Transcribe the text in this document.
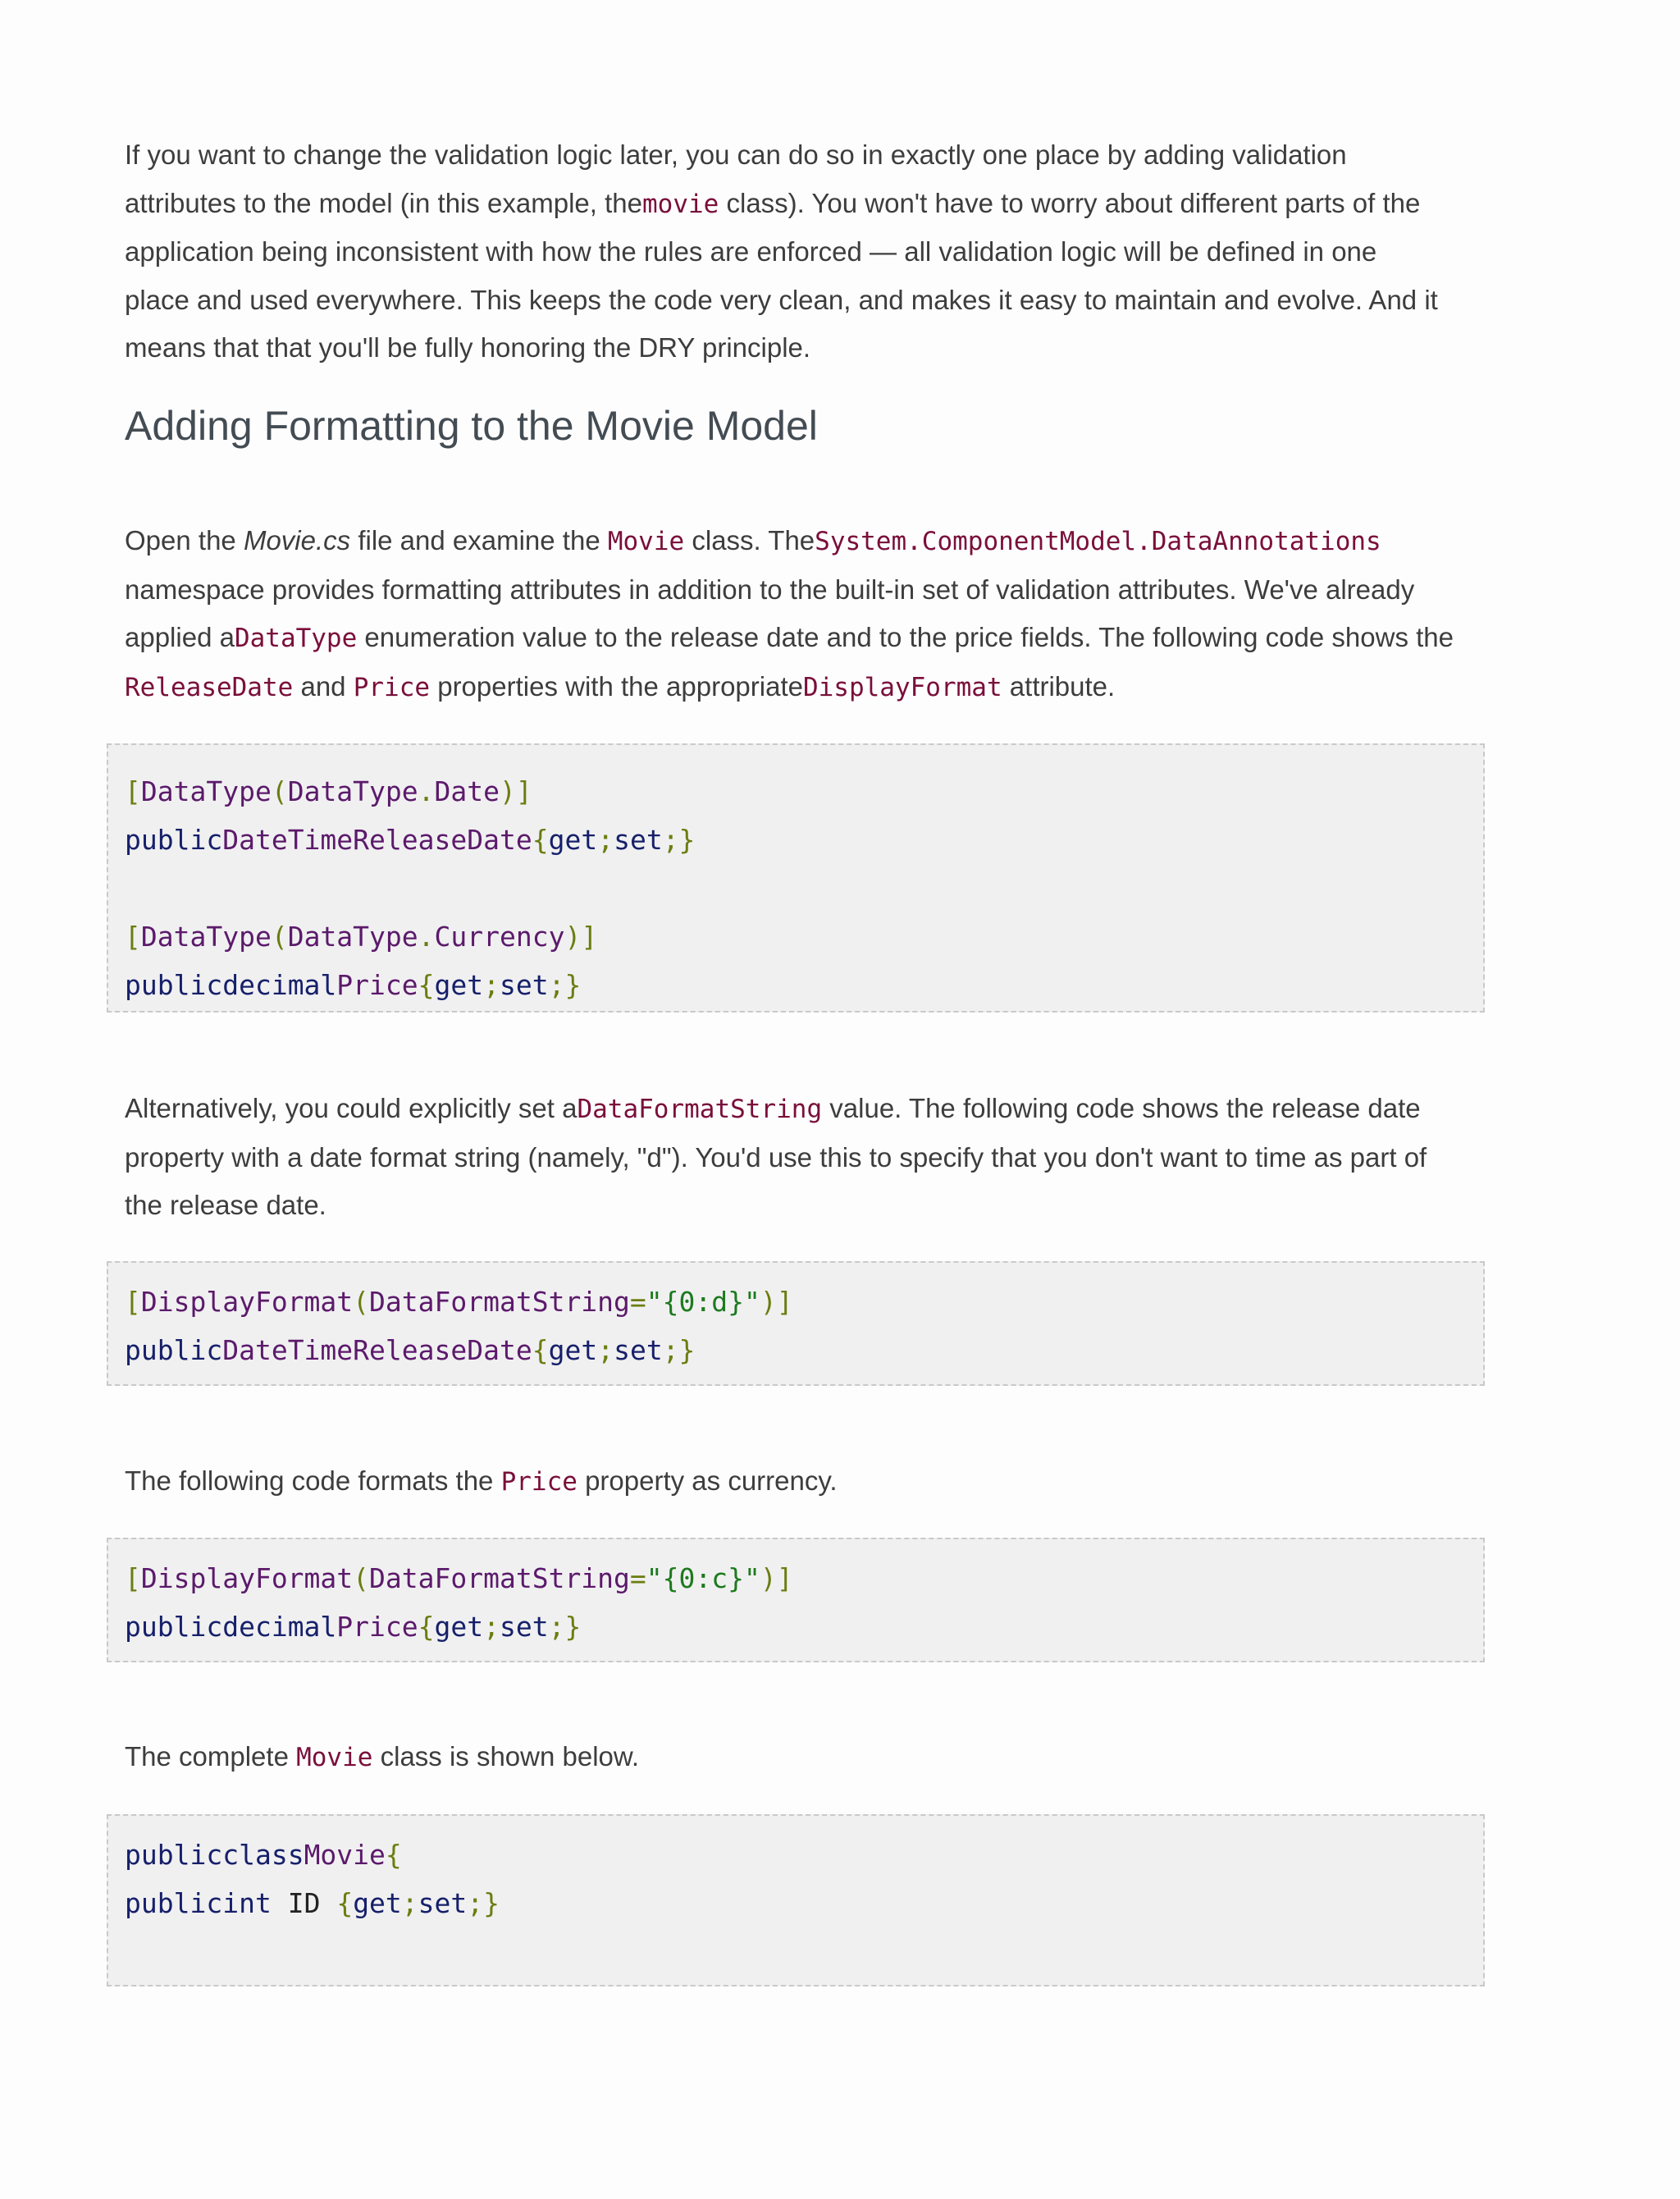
If you want to change the validation logic later, you can do so in exactly one place by adding validation
attributes to the model (in this example, themovie class). You won't have to worry about different parts of the
application being inconsistent with how the rules are enforced — all validation logic will be defined in one
place and used everywhere. This keeps the code very clean, and makes it easy to maintain and evolve. And it
means that that you'll be fully honoring the DRY principle.

Adding Formatting to the Movie Model

Open the Movie.cs file and examine the Movie class. TheSystem.ComponentModel.DataAnnotations
namespace provides formatting attributes in addition to the built-in set of validation attributes. We've already
applied aDataType enumeration value to the release date and to the price fields. The following code shows the
ReleaseDate and Price properties with the appropriateDisplayFormat attribute.

[DataType(DataType.Date)]
publicDateTimeReleaseDate{get;set;}

[DataType(DataType.Currency)]
publicdecimalPrice{get;set;}

Alternatively, you could explicitly set aDataFormatString value. The following code shows the release date
property with a date format string (namely, "d"). You'd use this to specify that you don't want to time as part of
the release date.

[DisplayFormat(DataFormatString="{0:d}")]
publicDateTimeReleaseDate{get;set;}

The following code formats the Price property as currency.

[DisplayFormat(DataFormatString="{0:c}")]
publicdecimalPrice{get;set;}

The complete Movie class is shown below.

publicclassMovie{
publicint ID {get;set;}
